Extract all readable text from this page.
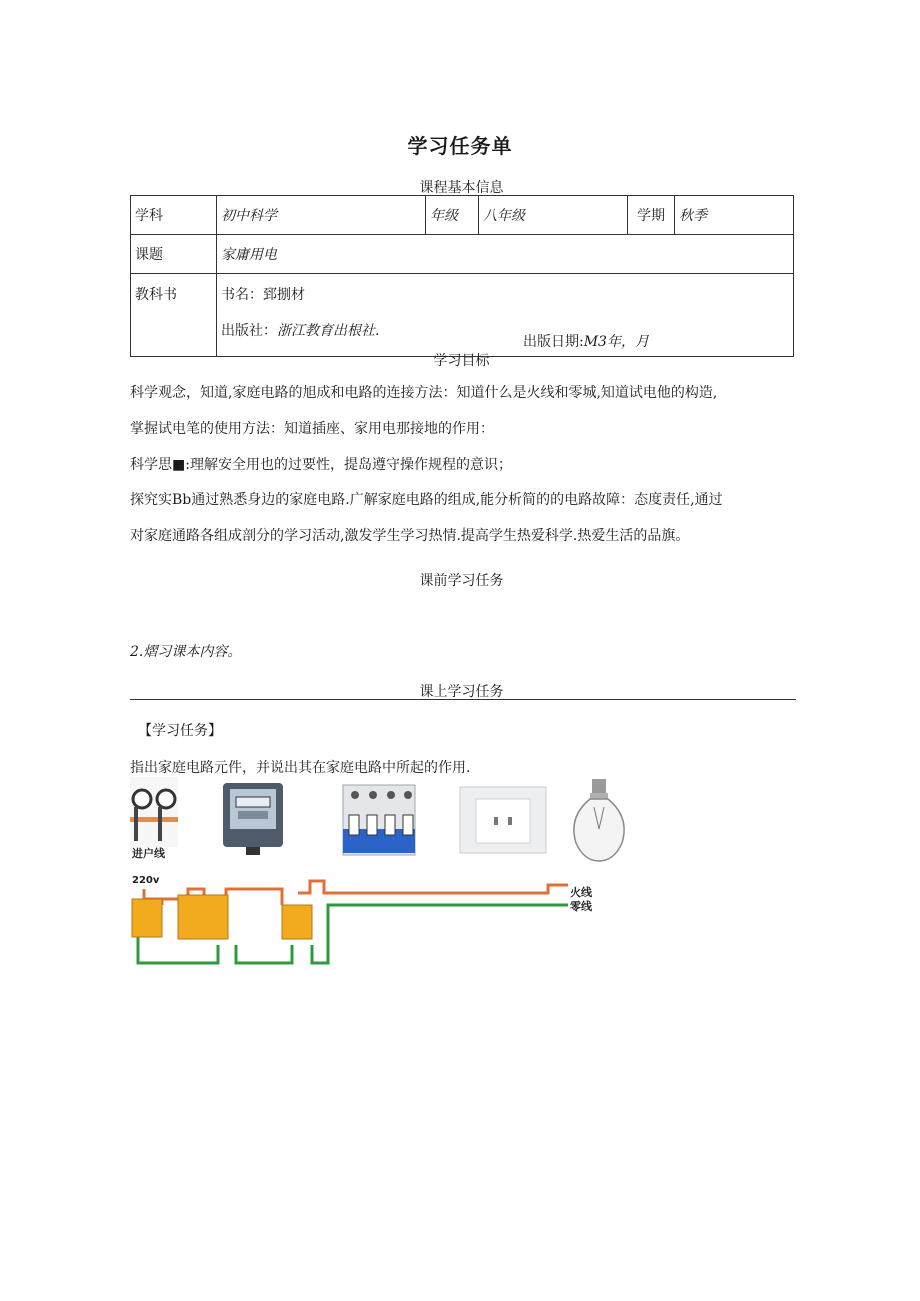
学习任务单
课程基本信息
学科	初中科学	年级	八年级	学期	秋季
课题	家庸用电				
教科书	书名：郅捌材
出版社：浙江教育出根社.
出版日期:M3年，月				
学习目标
科学观念，知道,家庭电路的旭成和电路的连接方法：知道什么是火线和零城,知道试电他的构造,
掌握试电笔的使用方法：知道插座、家用电那接地的作用：
科学思■:理解安全用也的过要性，提岛遵守操作规程的意识；
探究实Bb通过熟悉身边的家庭电路.广解家庭电路的组成,能分析简的的电路故障：态度责任,通过
对家庭通路各组成剖分的学习活动,激发学生学习热情.提高学生热爱科学.热爱生活的品旗。
课前学习任务
2.熠习课本内容。
课上学习任务
【学习任务】
指出家庭电路元件，并说出其在家庭电路中所起的作用.
进户线
220v
火线
零线
